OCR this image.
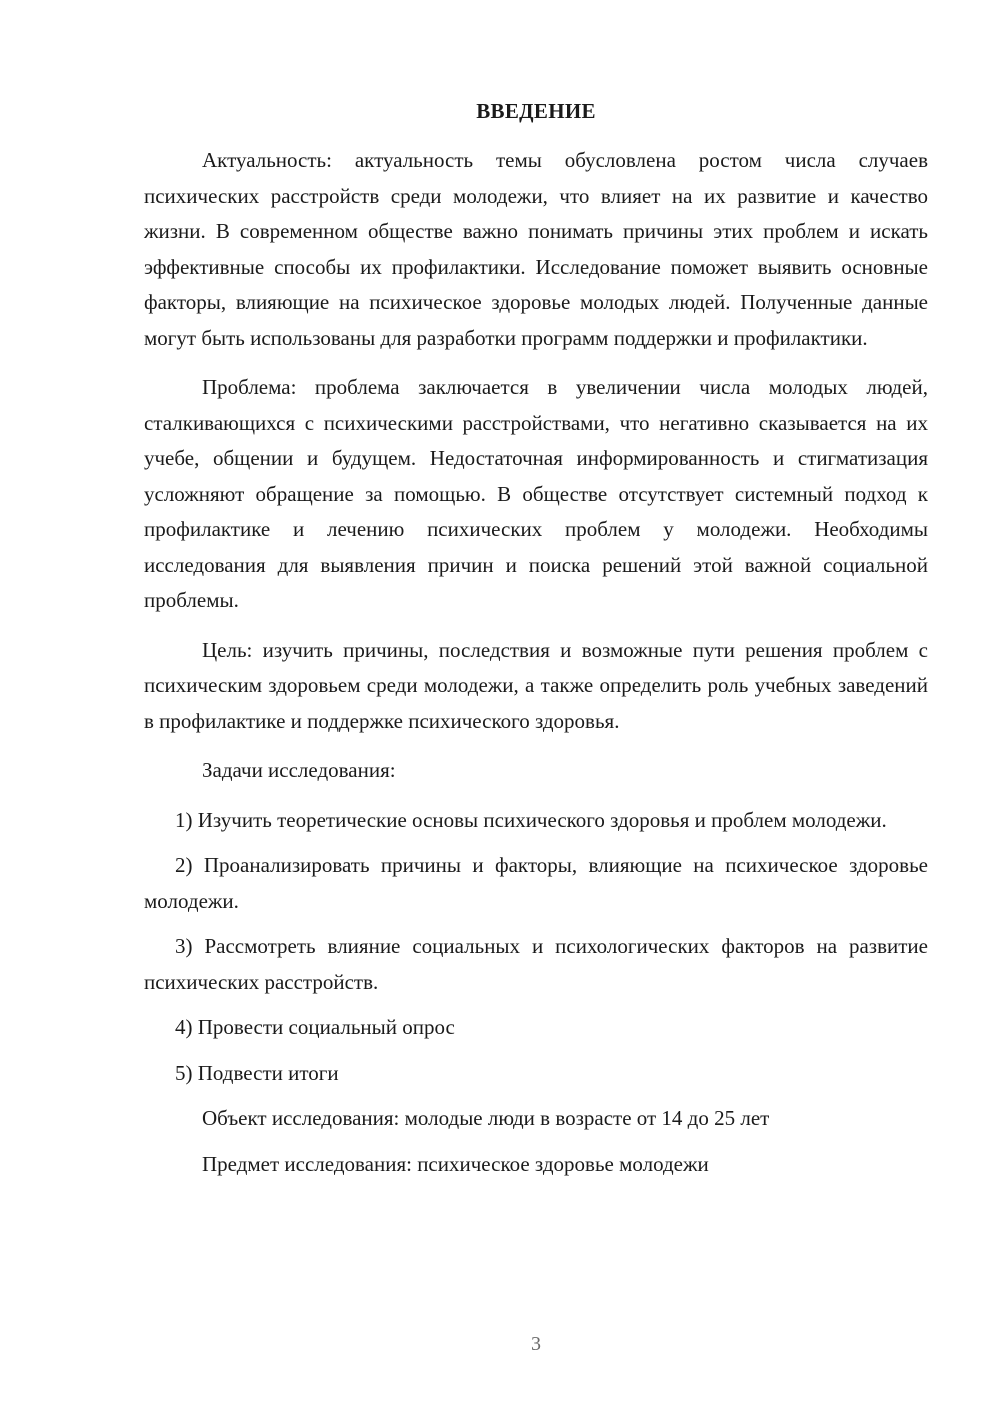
ВВЕДЕНИЕ

Актуальность: актуальность темы обусловлена ростом числа случаев психических расстройств среди молодежи, что влияет на их развитие и качество жизни. В современном обществе важно понимать причины этих проблем и искать эффективные способы их профилактики. Исследование поможет выявить основные факторы, влияющие на психическое здоровье молодых людей. Полученные данные могут быть использованы для разработки программ поддержки и профилактики.

Проблема: проблема заключается в увеличении числа молодых людей, сталкивающихся с психическими расстройствами, что негативно сказывается на их учебе, общении и будущем. Недостаточная информированность и стигматизация усложняют обращение за помощью. В обществе отсутствует системный подход к профилактике и лечению психических проблем у молодежи. Необходимы исследования для выявления причин и поиска решений этой важной социальной проблемы.

Цель: изучить причины, последствия и возможные пути решения проблем с психическим здоровьем среди молодежи, а также определить роль учебных заведений в профилактике и поддержке психического здоровья.

Задачи исследования:

1) Изучить теоретические основы психического здоровья и проблем молодежи.

2) Проанализировать причины и факторы, влияющие на психическое здоровье молодежи.

3) Рассмотреть влияние социальных и психологических факторов на развитие психических расстройств.

4) Провести социальный опрос

5) Подвести итоги

Объект исследования: молодые люди в возрасте от 14 до 25 лет

Предмет исследования: психическое здоровье молодежи

3
